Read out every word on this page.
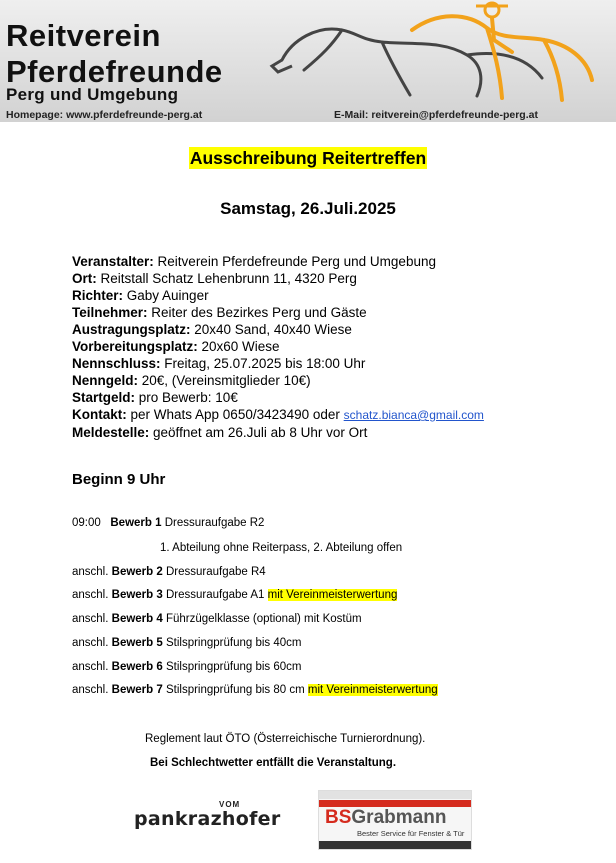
Reitverein
Pferdefreunde
Perg und Umgebung
Homepage: www.pferdefreunde-perg.at	E-Mail: reitverein@pferdefreunde-perg.at
Ausschreibung Reitertreffen
Samstag, 26.Juli.2025
Veranstalter: Reitverein Pferdefreunde Perg und Umgebung
Ort: Reitstall Schatz Lehenbrunn 11, 4320 Perg
Richter: Gaby Auinger
Teilnehmer: Reiter des Bezirkes Perg und Gäste
Austragungsplatz: 20x40 Sand, 40x40 Wiese
Vorbereitungsplatz: 20x60 Wiese
Nennschluss: Freitag, 25.07.2025 bis 18:00 Uhr
Nenngeld: 20€, (Vereinsmitglieder 10€)
Startgeld: pro Bewerb: 10€
Kontakt: per Whats App 0650/3423490 oder schatz.bianca@gmail.com
Meldestelle: geöffnet am 26.Juli ab 8 Uhr vor Ort
Beginn 9 Uhr
09:00   Bewerb 1 Dressuraufgabe R2
1. Abteilung ohne Reiterpass, 2. Abteilung offen
anschl. Bewerb 2 Dressuraufgabe R4
anschl. Bewerb 3 Dressuraufgabe A1 mit Vereinmeisterwertung
anschl. Bewerb 4 Führzügelklasse (optional) mit Kostüm
anschl. Bewerb 5 Stilspringprüfung bis 40cm
anschl. Bewerb 6 Stilspringprüfung bis 60cm
anschl. Bewerb 7 Stilspringprüfung bis 80 cm mit Vereinmeisterwertung
Reglement laut ÖTO (Österreichische Turnierordnung).
Bei Schlechtwetter entfällt die Veranstaltung.
VOM
pankrazhofer BSGrabmann
Bester Service für Fenster & Tür
